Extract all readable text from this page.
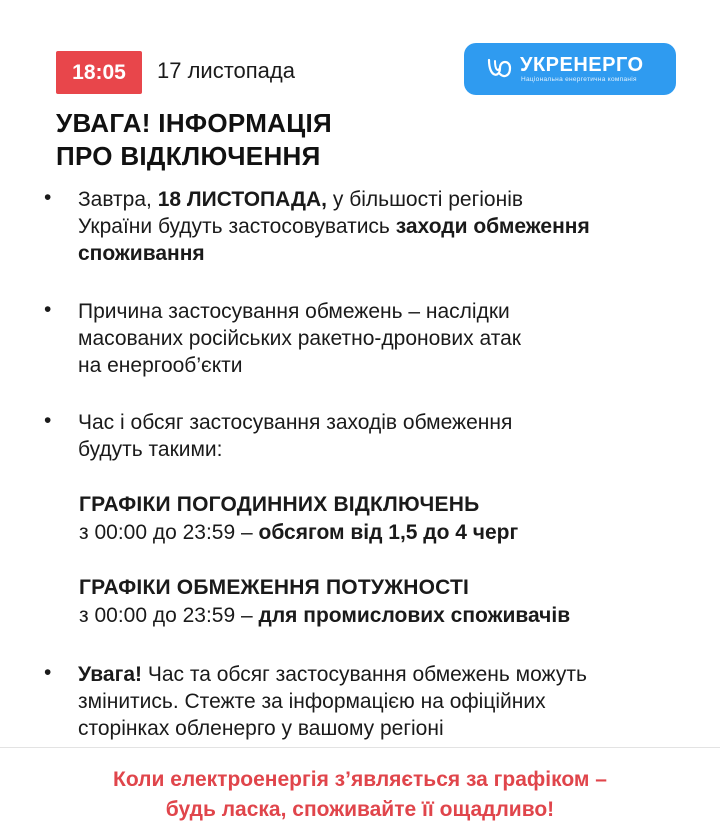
18:05	17 листопада	УКРЕНЕРГО
Національна енергетична компанія
УВАГА! ІНФОРМАЦІЯ
ПРО ВІДКЛЮЧЕННЯ
• Завтра, 18 ЛИСТОПАДА, у більшості регіонів
України будуть застосовуватись заходи обмеження
споживання
• Причина застосування обмежень – наслідки
масованих російських ракетно-дронових атак
на енергооб’єкти
• Час і обсяг застосування заходів обмеження
будуть такими:
ГРАФІКИ ПОГОДИННИХ ВІДКЛЮЧЕНЬ
з 00:00 до 23:59 – обсягом від 1,5 до 4 черг
ГРАФІКИ ОБМЕЖЕННЯ ПОТУЖНОСТІ
з 00:00 до 23:59 – для промислових споживачів
• Увага! Час та обсяг застосування обмежень можуть
змінитись. Стежте за інформацією на офіційних
сторінках обленерго у вашому регіоні
Коли електроенергія з’являється за графіком –
будь ласка, споживайте її ощадливо!
